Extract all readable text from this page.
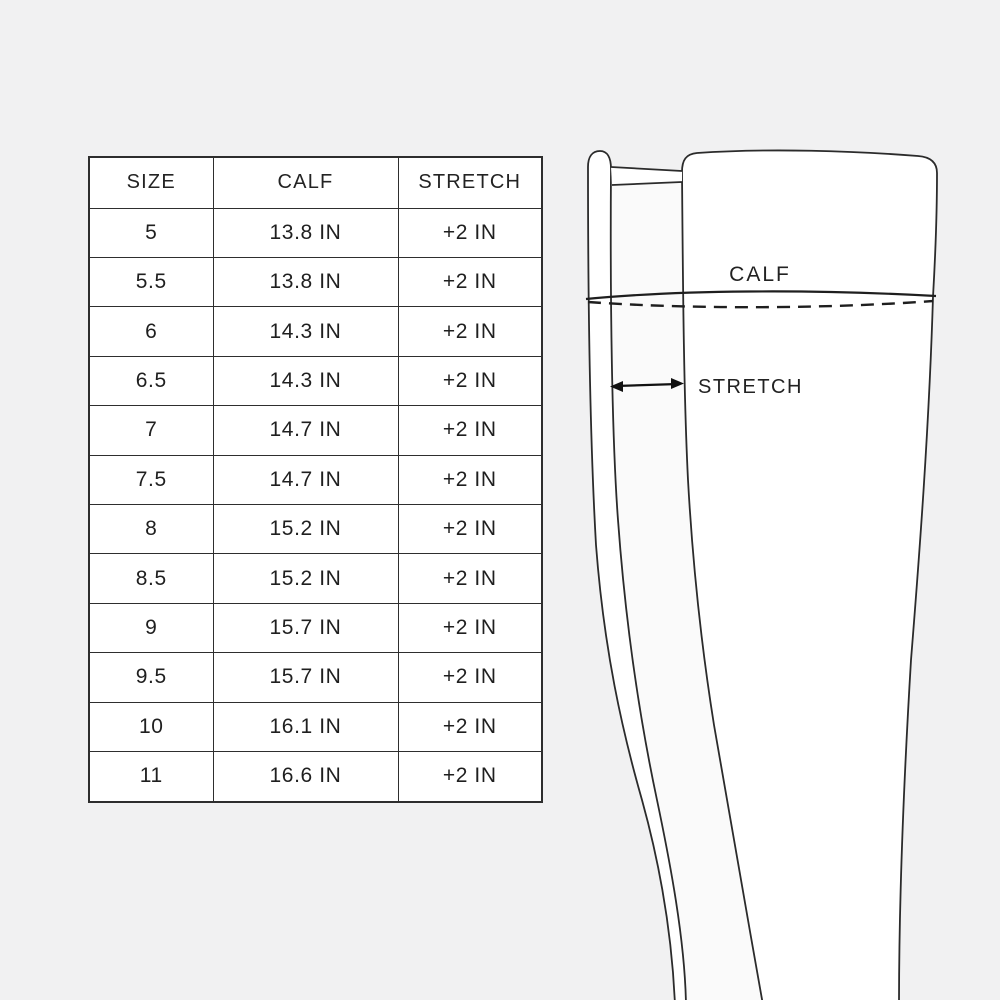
SIZE	CALF	STRETCH
5	13.8 IN	+2 IN
5.5	13.8 IN	+2 IN
6	14.3 IN	+2 IN
6.5	14.3 IN	+2 IN
7	14.7 IN	+2 IN
7.5	14.7 IN	+2 IN
8	15.2 IN	+2 IN
8.5	15.2 IN	+2 IN
9	15.7 IN	+2 IN
9.5	15.7 IN	+2 IN
10	16.1 IN	+2 IN
11	16.6 IN	+2 IN
CALF
STRETCH
